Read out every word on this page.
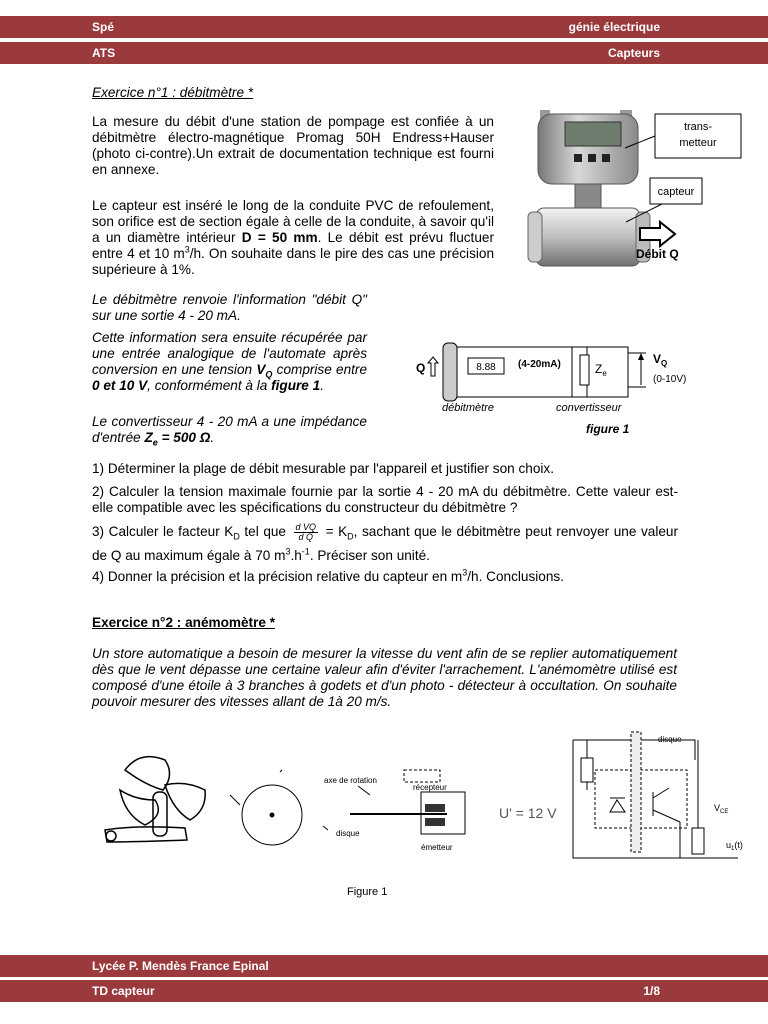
Spé	génie électrique
ATS	Capteurs
Exercice n°1 : débitmètre *
La mesure du débit d'une station de pompage est confiée à un débitmètre électro-magnétique Promag 50H Endress+Hauser (photo ci-contre).Un extrait de documentation technique est fourni en annexe.
Le capteur est inséré le long de la conduite PVC de refoulement, son orifice est de section égale à celle de la conduite, à savoir qu'il a un diamètre intérieur D = 50 mm. Le débit est prévu fluctuer entre 4 et 10 $m^3/h$. On souhaite dans le pire des cas une précision supérieure à 1%.
Le débitmètre renvoie l'information "débit Q" sur une sortie 4 - 20 mA.
Cette information sera ensuite récupérée par une entrée analogique de l'automate après conversion en une tension $V_Q$ comprise entre 0 et 10 V, conformément à la figure 1.
Le convertisseur 4 - 20 mA a une impédance d'entrée $Z_e = 500$ Ω.
trans-
metteur
capteur
Débit Q
Q	8.88 (4-20mA)	$Z_e$
$V_Q$
(0-10V)
débitmètre	convertisseur
figure 1
1) Déterminer la plage de débit mesurable par l'appareil et justifier son choix.
2) Calculer la tension maximale fournie par la sortie 4 - 20 mA du débitmètre. Cette valeur est-elle compatible avec les spécifications du constructeur du débitmètre ?
3) Calculer le facteur $K_D$ tel que $\frac{\text{d VQ}}{\text{d Q}} = K_D$, sachant que le débitmètre peut renvoyer une valeur de Q au maximum égale à 70 $m^3.h^{-1}$. Préciser son unité.
4) Donner la précision et la précision relative du capteur en $m^3/h$. Conclusions.
Exercice n°2 : anémomètre *
Un store automatique a besoin de mesurer la vitesse du vent afin de se replier automatiquement dès que le vent dépasse une certaine valeur afin d'éviter l'arrachement. L'anémomètre utilisé est composé d'une étoile à 3 branches à godets et d'un photo - détecteur à occultation. On souhaite pouvoir mesurer des vitesses allant de 1à 20 m/s.
axe de rotation
récepteur
disque
émetteur
U' = 12 V
disque
$V_{CE}$
$u_1(t)$
Figure 1
Lycée P. Mendès France Epinal
TD capteur	1/8
